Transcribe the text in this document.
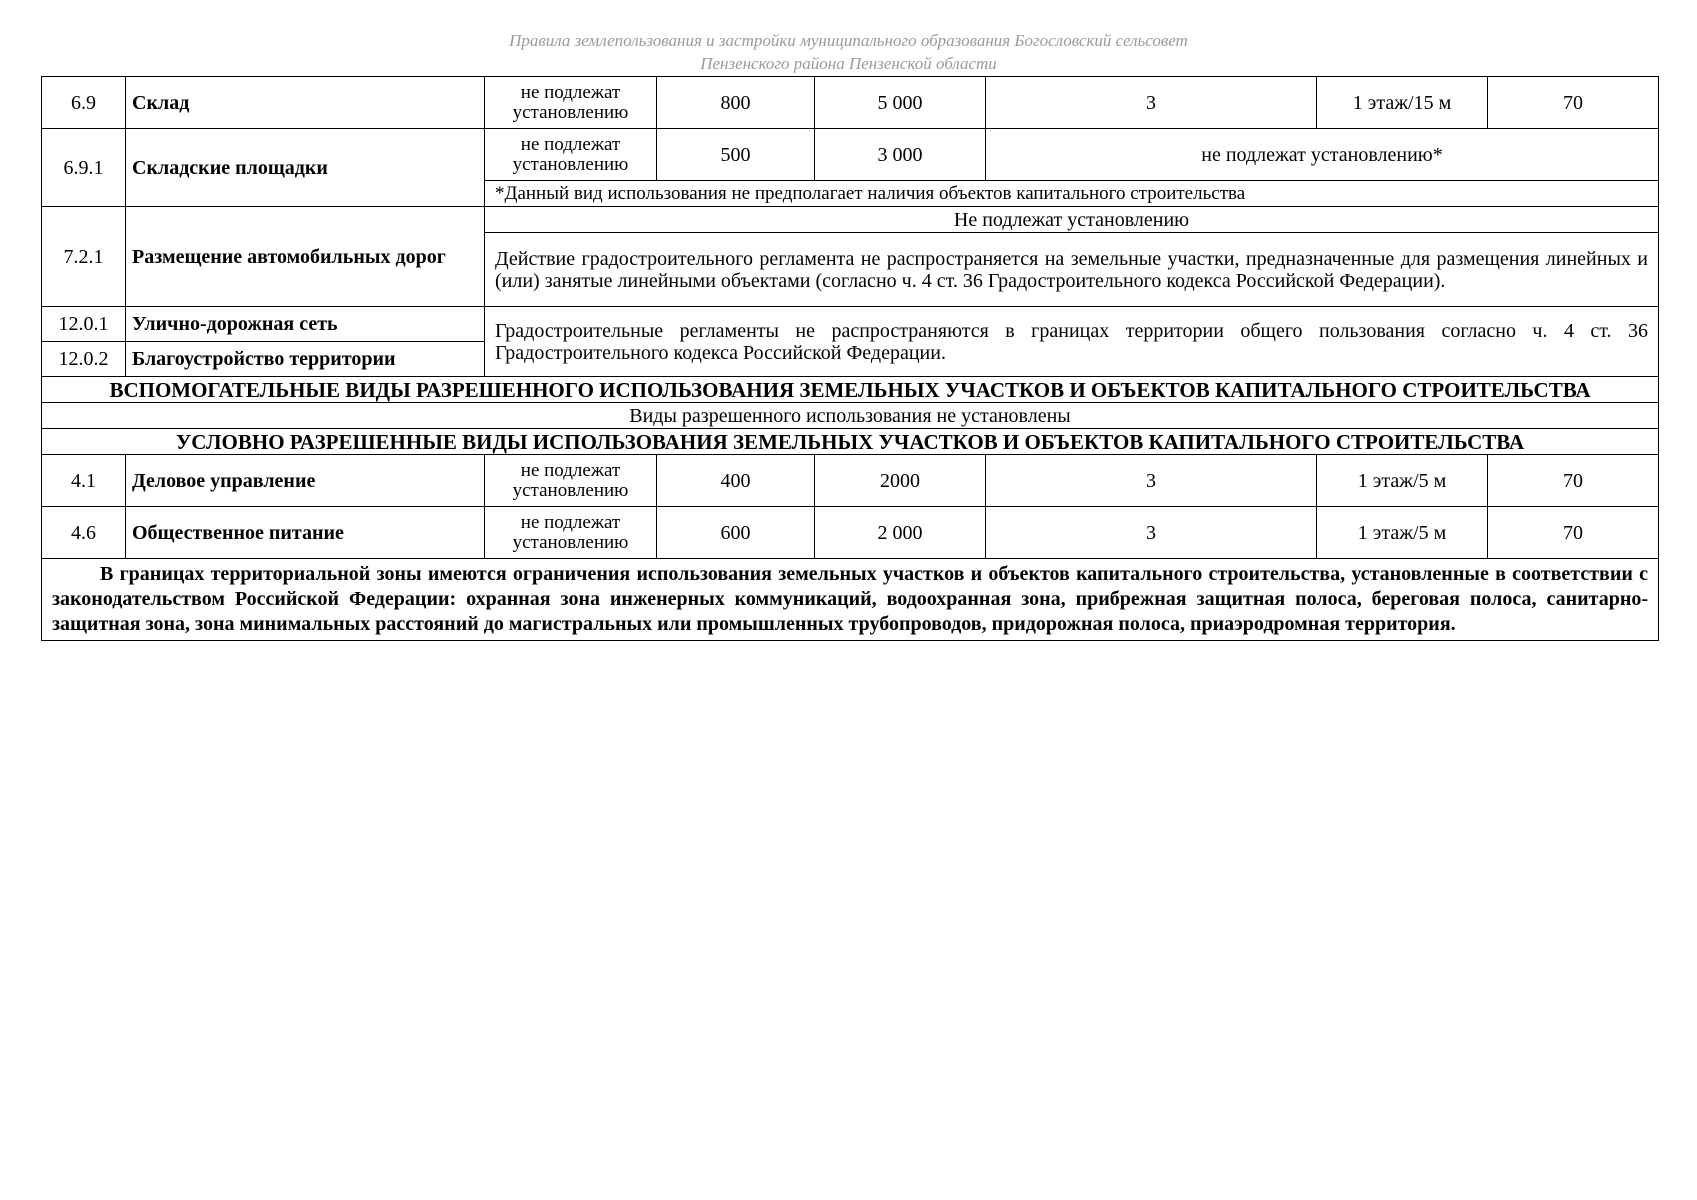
Правила землепользования и застройки муниципального образования Богословский сельсовет
Пензенского района Пензенской области
6.9	Склад	не подлежат установлению	800	5 000	3	1 этаж/15 м	70
6.9.1	Складские площадки	не подлежат установлению	500	3 000	не подлежат установлению*		
		*Данный вид использования не предполагает наличия объектов капитального строительства					
7.2.1	Размещение автомобильных дорог	Не подлежат установлению					
		Действие градостроительного регламента не распространяется на земельные участки, предназначенные для размещения линейных и (или) занятые линейными объектами (согласно ч. 4 ст. 36 Градостроительного кодекса Российской Федерации).					
12.0.1	Улично-дорожная сеть	Градостроительные регламенты не распространяются в границах территории общего пользования согласно ч. 4 ст. 36 Градостроительного кодекса Российской Федерации.					
12.0.2	Благоустройство территории						
ВСПОМОГАТЕЛЬНЫЕ ВИДЫ РАЗРЕШЕННОГО ИСПОЛЬЗОВАНИЯ ЗЕМЕЛЬНЫХ УЧАСТКОВ И ОБЪЕКТОВ КАПИТАЛЬНОГО СТРОИТЕЛЬСТВА							
Виды разрешенного использования не установлены							
УСЛОВНО РАЗРЕШЕННЫЕ ВИДЫ ИСПОЛЬЗОВАНИЯ ЗЕМЕЛЬНЫХ УЧАСТКОВ И ОБЪЕКТОВ КАПИТАЛЬНОГО СТРОИТЕЛЬСТВА							
4.1	Деловое управление	не подлежат установлению	400	2000	3	1 этаж/5 м	70
4.6	Общественное питание	не подлежат установлению	600	2 000	3	1 этаж/5 м	70
В границах территориальной зоны имеются ограничения использования земельных участков и объектов капитального строительства, установленные в соответствии с законодательством Российской Федерации: охранная зона инженерных коммуникаций, водоохранная зона, прибрежная защитная полоса, береговая полоса, санитарно-защитная зона, зона минимальных расстояний до магистральных или промышленных трубопроводов, придорожная полоса, приаэродромная территория.							
